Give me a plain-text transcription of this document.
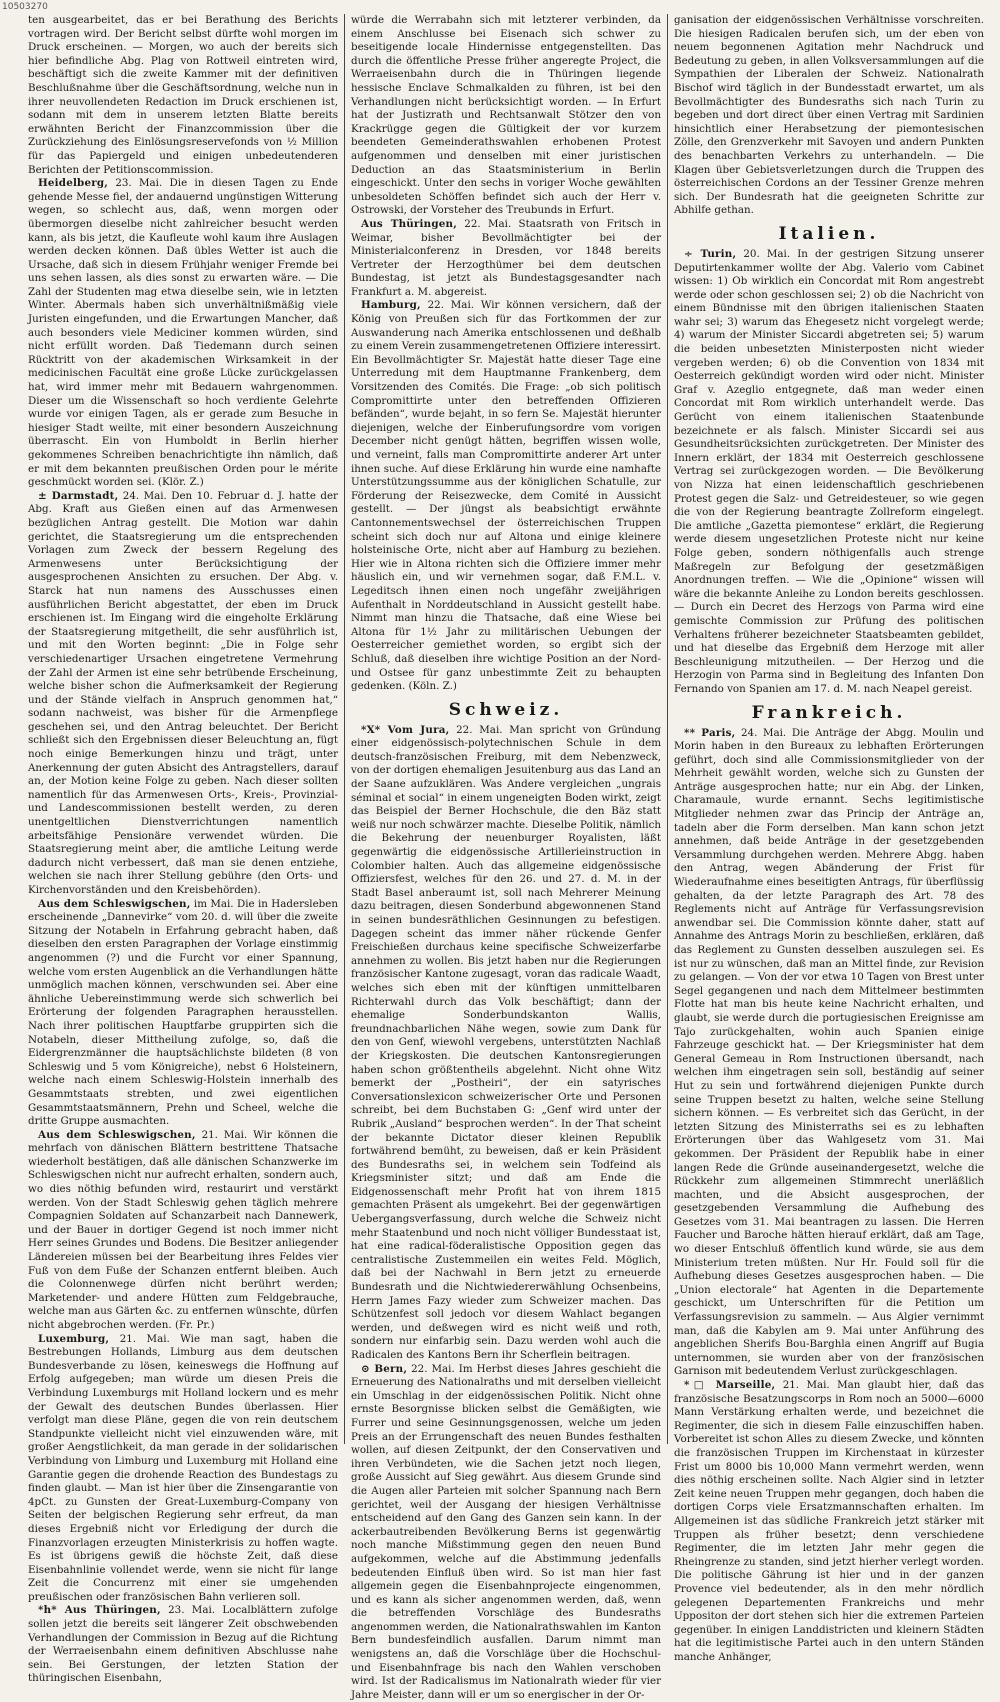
10503270

ten ausgearbeitet, das er bei Berathung des Berichts vortragen wird. Der Bericht selbst dürfte wohl morgen im Druck erscheinen. — Morgen, wo auch der bereits sich hier befindliche Abg. Plag von Rottweil eintreten wird, beschäftigt sich die zweite Kammer mit der definitiven Beschlußnahme über die Geschäftsordnung, welche nun in ihrer neuvollendeten Redaction im Druck erschienen ist, sodann mit dem in unserem letzten Blatte bereits erwähnten Bericht der Finanzcommission über die Zurückziehung des Einlösungsreservefonds von ½ Million für das Papiergeld und einigen unbedeutenderen Berichten der Petitionscommission.

Heidelberg, 23. Mai. Die in diesen Tagen zu Ende gehende Messe fiel, der andauernd ungünstigen Witterung wegen, so schlecht aus, daß, wenn morgen oder übermorgen dieselbe nicht zahlreicher besucht werden kann, als bis jetzt, die Kaufleute wohl kaum ihre Auslagen werden decken können. Daß übles Wetter ist auch die Ursache, daß sich in diesem Frühjahr weniger Fremde bei uns sehen lassen, als dies sonst zu erwarten wäre. — Die Zahl der Studenten mag etwa dieselbe sein, wie in letzten Winter. Abermals haben sich unverhältnißmäßig viele Juristen eingefunden, und die Erwartungen Mancher, daß auch besonders viele Mediciner kommen würden, sind nicht erfüllt worden. Daß Tiedemann durch seinen Rücktritt von der akademischen Wirksamkeit in der medicinischen Facultät eine große Lücke zurückgelassen hat, wird immer mehr mit Bedauern wahrgenommen. Dieser um die Wissenschaft so hoch verdiente Gelehrte wurde vor einigen Tagen, als er gerade zum Besuche in hiesiger Stadt weilte, mit einer besondern Auszeichnung überrascht. Ein von Humboldt in Berlin hierher gekommenes Schreiben benachrichtigte ihn nämlich, daß er mit dem bekannten preußischen Orden pour le mérite geschmückt worden sei. (Klör. Z.)

± Darmstadt, 24. Mai. Den 10. Februar d. J. hatte der Abg. Kraft aus Gießen einen auf das Armenwesen bezüglichen Antrag gestellt. Die Motion war dahin gerichtet, die Staatsregierung um die entsprechenden Vorlagen zum Zweck der bessern Regelung des Armenwesens unter Berücksichtigung der ausgesprochenen Ansichten zu ersuchen. Der Abg. v. Starck hat nun namens des Ausschusses einen ausführlichen Bericht abgestattet, der eben im Druck erschienen ist. Im Eingang wird die eingeholte Erklärung der Staatsregierung mitgetheilt, die sehr ausführlich ist, und mit den Worten beginnt: „Die in Folge sehr verschiedenartiger Ursachen eingetretene Vermehrung der Zahl der Armen ist eine sehr betrübende Erscheinung, welche bisher schon die Aufmerksamkeit der Regierung und der Stände vielfach in Anspruch genommen hat,“ sodann nachweist, was bisher für die Armenpflege geschehen sei, und den Antrag beleuchtet. Der Bericht schließt sich den Ergebnissen dieser Beleuchtung an, fügt noch einige Bemerkungen hinzu und trägt, unter Anerkennung der guten Absicht des Antragstellers, darauf an, der Motion keine Folge zu geben. Nach dieser sollten namentlich für das Armenwesen Orts-, Kreis-, Provinzial- und Landescommissionen bestellt werden, zu deren unentgeltlichen Dienstverrichtungen namentlich arbeitsfähige Pensionäre verwendet würden. Die Staatsregierung meint aber, die amtliche Leitung werde dadurch nicht verbessert, daß man sie denen entziehe, welchen sie nach ihrer Stellung gebühre (den Orts- und Kirchenvorständen und den Kreisbehörden).

Aus dem Schleswigschen, im Mai. Die in Hadersleben erscheinende „Dannevirke“ vom 20. d. will über die zweite Sitzung der Notabeln in Erfahrung gebracht haben, daß dieselben den ersten Paragraphen der Vorlage einstimmig angenommen (?) und die Furcht vor einer Spannung, welche vom ersten Augenblick an die Verhandlungen hätte unmöglich machen können, verschwunden sei. Aber eine ähnliche Uebereinstimmung werde sich schwerlich bei Erörterung der folgenden Paragraphen herausstellen. Nach ihrer politischen Hauptfarbe gruppirten sich die Notabeln, dieser Mittheilung zufolge, so, daß die Eidergrenzmänner die hauptsächlichste bildeten (8 von Schleswig und 5 vom Königreiche), nebst 6 Holsteinern, welche nach einem Schleswig-Holstein innerhalb des Gesammtstaats strebten, und zwei eigentlichen Gesammtstaatsmännern, Prehn und Scheel, welche die dritte Gruppe ausmachten.

Aus dem Schleswigschen, 21. Mai. Wir können die mehrfach von dänischen Blättern bestrittene Thatsache wiederholt bestätigen, daß alle dänischen Schanzwerke im Schleswigschen nicht nur aufrecht erhalten, sondern auch, wo dies nöthig befunden wird, restaurirt und verstärkt werden. Von der Stadt Schleswig gehen täglich mehrere Compagnien Soldaten auf Schanzarbeit nach Dannewerk, und der Bauer in dortiger Gegend ist noch immer nicht Herr seines Grundes und Bodens. Die Besitzer anliegender Ländereien müssen bei der Bearbeitung ihres Feldes vier Fuß von dem Fuße der Schanzen entfernt bleiben. Auch die Colonnenwege dürfen nicht berührt werden; Marketender- und andere Hütten zum Feldgebrauche, welche man aus Gärten &c. zu entfernen wünschte, dürfen nicht abgebrochen werden. (Fr. Pr.)

Luxemburg, 21. Mai. Wie man sagt, haben die Bestrebungen Hollands, Limburg aus dem deutschen Bundesverbande zu lösen, keineswegs die Hoffnung auf Erfolg aufgegeben; man würde um diesen Preis die Verbindung Luxemburgs mit Holland lockern und es mehr der Gewalt des deutschen Bundes überlassen. Hier verfolgt man diese Pläne, gegen die von rein deutschem Standpunkte vielleicht nicht viel einzuwenden wäre, mit großer Aengstlichkeit, da man gerade in der solidarischen Verbindung von Limburg und Luxemburg mit Holland eine Garantie gegen die drohende Reaction des Bundestags zu finden glaubt. — Man ist hier über die Zinsengarantie von 4pCt. zu Gunsten der Great-Luxemburg-Company von Seiten der belgischen Regierung sehr erfreut, da man dieses Ergebniß nicht vor Erledigung der durch die Finanzvorlagen erzeugten Ministerkrisis zu hoffen wagte. Es ist übrigens gewiß die höchste Zeit, daß diese Eisenbahnlinie vollendet werde, wenn sie nicht für lange Zeit die Concurrenz mit einer sie umgehenden preußischen oder französischen Bahn verlieren soll.

*h* Aus Thüringen, 23. Mai. Localblättern zufolge sollen jetzt die bereits seit längerer Zeit obschwebenden Verhandlungen der Commission in Bezug auf die Richtung der Werraeisenbahn einem definitiven Abschlusse nahe sein. Bei Gerstungen, der letzten Station der thüringischen Eisenbahn,

würde die Werrabahn sich mit letzterer verbinden, da einem Anschlusse bei Eisenach sich schwer zu beseitigende locale Hindernisse entgegenstellten. Das durch die öffentliche Presse früher angeregte Project, die Werraeisenbahn durch die in Thüringen liegende hessische Enclave Schmalkalden zu führen, ist bei den Verhandlungen nicht berücksichtigt worden. — In Erfurt hat der Justizrath und Rechtsanwalt Stötzer den von Krackrügge gegen die Gültigkeit der vor kurzem beendeten Gemeinderathswahlen erhobenen Protest aufgenommen und denselben mit einer juristischen Deduction an das Staatsministerium in Berlin eingeschickt. Unter den sechs in voriger Woche gewählten unbesoldeten Schöffen befindet sich auch der Herr v. Ostrowski, der Vorsteher des Treubunds in Erfurt.

Aus Thüringen, 22. Mai. Staatsrath von Fritsch in Weimar, bisher Bevollmächtigter bei der Ministerialconferenz in Dresden, vor 1848 bereits Vertreter der Herzogthümer bei dem deutschen Bundestag, ist jetzt als Bundestagsgesandter nach Frankfurt a. M. abgereist.

Hamburg, 22. Mai. Wir können versichern, daß der König von Preußen sich für das Fortkommen der zur Auswanderung nach Amerika entschlossenen und deßhalb zu einem Verein zusammengetretenen Offiziere interessirt. Ein Bevollmächtigter Sr. Majestät hatte dieser Tage eine Unterredung mit dem Hauptmanne Frankenberg, dem Vorsitzenden des Comités. Die Frage: „ob sich politisch Compromittirte unter den betreffenden Offizieren befänden“, wurde bejaht, in so fern Se. Majestät hierunter diejenigen, welche der Einberufungsordre vom vorigen December nicht genügt hätten, begriffen wissen wolle, und verneint, falls man Compromittirte anderer Art unter ihnen suche. Auf diese Erklärung hin wurde eine namhafte Unterstützungssumme aus der königlichen Schatulle, zur Förderung der Reisezwecke, dem Comité in Aussicht gestellt. — Der jüngst als beabsichtigt erwähnte Cantonnementswechsel der österreichischen Truppen scheint sich doch nur auf Altona und einige kleinere holsteinische Orte, nicht aber auf Hamburg zu beziehen. Hier wie in Altona richten sich die Offiziere immer mehr häuslich ein, und wir vernehmen sogar, daß F.M.L. v. Legeditsch ihnen einen noch ungefähr zweijährigen Aufenthalt in Norddeutschland in Aussicht gestellt habe. Nimmt man hinzu die Thatsache, daß eine Wiese bei Altona für 1½ Jahr zu militärischen Uebungen der Oesterreicher gemiethet worden, so ergibt sich der Schluß, daß dieselben ihre wichtige Position an der Nord- und Ostsee für ganz unbestimmte Zeit zu behaupten gedenken. (Köln. Z.)

Schweiz.

*X* Vom Jura, 22. Mai. Man spricht von Gründung einer eidgenössisch-polytechnischen Schule in dem deutsch-französischen Freiburg, mit dem Nebenzweck, von der dortigen ehemaligen Jesuitenburg aus das Land an der Saane aufzuklären. Was Andere vergleichen „ungrais séminal et social“ in einem ungeneigten Boden wirkt, zeigt das Beispiel der Berner Hochschule, die den Bäz statt weiß nur noch schwärzer machte. Dieselbe Politik, nämlich die Bekehrung der neuenburger Royalisten, läßt gegenwärtig die eidgenössische Artillerieinstruction in Colombier halten. Auch das allgemeine eidgenössische Offiziersfest, welches für den 26. und 27. d. M. in der Stadt Basel anberaumt ist, soll nach Mehrerer Meinung dazu beitragen, diesen Sonderbund abgewonnenen Stand in seinen bundesräthlichen Gesinnungen zu befestigen. Dagegen scheint das immer näher rückende Genfer Freischießen durchaus keine specifische Schweizerfarbe annehmen zu wollen. Bis jetzt haben nur die Regierungen französischer Kantone zugesagt, voran das radicale Waadt, welches sich eben mit der künftigen unmittelbaren Richterwahl durch das Volk beschäftigt; dann der ehemalige Sonderbundskanton Wallis, freundnachbarlichen Nähe wegen, sowie zum Dank für den von Genf, wiewohl vergebens, unterstützten Nachlaß der Kriegskosten. Die deutschen Kantonsregierungen haben schon größtentheils abgelehnt. Nicht ohne Witz bemerkt der „Postheiri“, der ein satyrisches Conversationslexicon schweizerischer Orte und Personen schreibt, bei dem Buchstaben G: „Genf wird unter der Rubrik „Ausland“ besprochen werden“. In der That scheint der bekannte Dictator dieser kleinen Republik fortwährend bemüht, zu beweisen, daß er kein Präsident des Bundesraths sei, in welchem sein Todfeind als Kriegsminister sitzt; und daß am Ende die Eidgenossenschaft mehr Profit hat von ihrem 1815 gemachten Präsent als umgekehrt. Bei der gegenwärtigen Uebergangsverfassung, durch welche die Schweiz nicht mehr Staatenbund und noch nicht völliger Bundesstaat ist, hat eine radical-föderalistische Opposition gegen das centralistische Zustemmeilen ein weites Feld. Möglich, daß bei der Nachwahl in Bern jetzt zu erneuerde Bundesrath und die Nichtwiedererwählung Ochsenbeins, Herrn James Fazy wieder zum Schweizer machen. Das Schützenfest soll jedoch vor diesem Wahlact begangen werden, und deßwegen wird es nicht weiß und roth, sondern nur einfarbig sein. Dazu werden wohl auch die Radicalen des Kantons Bern ihr Scherflein beitragen.

⊙ Bern, 22. Mai. Im Herbst dieses Jahres geschieht die Erneuerung des Nationalraths und mit derselben vielleicht ein Umschlag in der eidgenössischen Politik. Nicht ohne ernste Besorgnisse blicken selbst die Gemäßigten, wie Furrer und seine Gesinnungsgenossen, welche um jeden Preis an der Errungenschaft des neuen Bundes festhalten wollen, auf diesen Zeitpunkt, der den Conservativen und ihren Verbündeten, wie die Sachen jetzt noch liegen, große Aussicht auf Sieg gewährt. Aus diesem Grunde sind die Augen aller Parteien mit solcher Spannung nach Bern gerichtet, weil der Ausgang der hiesigen Verhältnisse entscheidend auf den Gang des Ganzen sein kann. In der ackerbautreibenden Bevölkerung Berns ist gegenwärtig noch manche Mißstimmung gegen den neuen Bund aufgekommen, welche auf die Abstimmung jedenfalls bedeutenden Einfluß üben wird. So ist man hier fast allgemein gegen die Eisenbahnprojecte eingenommen, und es kann als sicher angenommen werden, daß, wenn die betreffenden Vorschläge des Bundesraths angenommen werden, die Nationalrathswahlen im Kanton Bern bundesfeindlich ausfallen. Darum nimmt man wenigstens an, daß die Vorschläge über die Hochschul- und Eisenbahnfrage bis nach den Wahlen verschoben wird. Ist der Radicalismus im Nationalrath wieder für vier Jahre Meister, dann will er um so energischer in der Or-

ganisation der eidgenössischen Verhältnisse vorschreiten. Die hiesigen Radicalen berufen sich, um der eben von neuem begonnenen Agitation mehr Nachdruck und Bedeutung zu geben, in allen Volksversammlungen auf die Sympathien der Liberalen der Schweiz. Nationalrath Bischof wird täglich in der Bundesstadt erwartet, um als Bevollmächtigter des Bundesraths sich nach Turin zu begeben und dort direct über einen Vertrag mit Sardinien hinsichtlich einer Herabsetzung der piemontesischen Zölle, den Grenzverkehr mit Savoyen und andern Punkten des benachbarten Verkehrs zu unterhandeln. — Die Klagen über Gebietsverletzungen durch die Truppen des österreichischen Cordons an der Tessiner Grenze mehren sich. Der Bundesrath hat die geeigneten Schritte zur Abhilfe gethan.

Italien.

÷ Turin, 20. Mai. In der gestrigen Sitzung unserer Deputirtenkammer wollte der Abg. Valerio vom Cabinet wissen: 1) Ob wirklich ein Concordat mit Rom angestrebt werde oder schon geschlossen sei; 2) ob die Nachricht von einem Bündnisse mit den übrigen italienischen Staaten wahr sei; 3) warum das Ehegesetz nicht vorgelegt werde; 4) warum der Minister Siccardi abgetreten sei; 5) warum die beiden unbesetzten Ministerposten nicht wieder vergeben werden; 6) ob die Convention von 1834 mit Oesterreich gekündigt worden wird oder nicht. Minister Graf v. Azeglio entgegnete, daß man weder einen Concordat mit Rom wirklich unterhandelt werde. Das Gerücht von einem italienischen Staatenbunde bezeichnete er als falsch. Minister Siccardi sei aus Gesundheitsrücksichten zurückgetreten. Der Minister des Innern erklärt, der 1834 mit Oesterreich geschlossene Vertrag sei zurückgezogen worden. — Die Bevölkerung von Nizza hat einen leidenschaftlich geschriebenen Protest gegen die Salz- und Getreidesteuer, so wie gegen die von der Regierung beantragte Zollreform eingelegt. Die amtliche „Gazetta piemontese“ erklärt, die Regierung werde diesem ungesetzlichen Proteste nicht nur keine Folge geben, sondern nöthigenfalls auch strenge Maßregeln zur Befolgung der gesetzmäßigen Anordnungen treffen. — Wie die „Opinione“ wissen will wäre die bekannte Anleihe zu London bereits geschlossen. — Durch ein Decret des Herzogs von Parma wird eine gemischte Commission zur Prüfung des politischen Verhaltens früherer bezeichneter Staatsbeamten gebildet, und hat dieselbe das Ergebniß dem Herzoge mit aller Beschleunigung mitzutheilen. — Der Herzog und die Herzogin von Parma sind in Begleitung des Infanten Don Fernando von Spanien am 17. d. M. nach Neapel gereist.

Frankreich.

** Paris, 24. Mai. Die Anträge der Abgg. Moulin und Morin haben in den Bureaux zu lebhaften Erörterungen geführt, doch sind alle Commissionsmitglieder von der Mehrheit gewählt worden, welche sich zu Gunsten der Anträge ausgesprochen hatte; nur ein Abg. der Linken, Charamaule, wurde ernannt. Sechs legitimistische Mitglieder nehmen zwar das Princip der Anträge an, tadeln aber die Form derselben. Man kann schon jetzt annehmen, daß beide Anträge in der gesetzgebenden Versammlung durchgehen werden. Mehrere Abgg. haben den Antrag, wegen Abänderung der Frist für Wiederaufnahme eines beseitigten Antrags, für überflüssig gehalten, da der letzte Paragraph des Art. 78 des Reglements nicht auf Anträge für Verfassungsrevision anwendbar sei. Die Commission könnte daher, statt auf Annahme des Antrags Morin zu beschließen, erklären, daß das Reglement zu Gunsten desselben auszulegen sei. Es ist nur zu wünschen, daß man an Mittel finde, zur Revision zu gelangen. — Von der vor etwa 10 Tagen von Brest unter Segel gegangenen und nach dem Mittelmeer bestimmten Flotte hat man bis heute keine Nachricht erhalten, und glaubt, sie werde durch die portugiesischen Ereignisse am Tajo zurückgehalten, wohin auch Spanien einige Fahrzeuge geschickt hat. — Der Kriegsminister hat dem General Gemeau in Rom Instructionen übersandt, nach welchen ihm eingetragen sein soll, beständig auf seiner Hut zu sein und fortwährend diejenigen Punkte durch seine Truppen besetzt zu halten, welche seine Stellung sichern können. — Es verbreitet sich das Gerücht, in der letzten Sitzung des Ministerraths sei es zu lebhaften Erörterungen über das Wahlgesetz vom 31. Mai gekommen. Der Präsident der Republik habe in einer langen Rede die Gründe auseinandergesetzt, welche die Rückkehr zum allgemeinen Stimmrecht unerläßlich machten, und die Absicht ausgesprochen, der gesetzgebenden Versammlung die Aufhebung des Gesetzes vom 31. Mai beantragen zu lassen. Die Herren Faucher und Baroche hätten hierauf erklärt, daß am Tage, wo dieser Entschluß öffentlich kund würde, sie aus dem Ministerium treten müßten. Nur Hr. Fould soll für die Aufhebung dieses Gesetzes ausgesprochen haben. — Die „Union electorale“ hat Agenten in die Departemente geschickt, um Unterschriften für die Petition um Verfassungsrevision zu sammeln. — Aus Algier vernimmt man, daß die Kabylen am 9. Mai unter Anführung des angeblichen Sherifs Bou-Barghla einen Angriff auf Bugia unternommen, sie wurden aber von der französischen Garnison mit bedeutendem Verlust zurückgeschlagen.

*□ Marseille, 21. Mai. Man glaubt hier, daß das französische Besatzungscorps in Rom noch an 5000—6000 Mann Verstärkung erhalten werde, und bezeichnet die Regimenter, die sich in diesem Falle einzuschiffen haben. Vorbereitet ist schon Alles zu diesem Zwecke, und könnten die französischen Truppen im Kirchenstaat in kürzester Frist um 8000 bis 10,000 Mann vermehrt werden, wenn dies nöthig erscheinen sollte. Nach Algier sind in letzter Zeit keine neuen Truppen mehr gegangen, doch haben die dortigen Corps viele Ersatzmannschaften erhalten. Im Allgemeinen ist das südliche Frankreich jetzt stärker mit Truppen als früher besetzt; denn verschiedene Regimenter, die im letzten Jahr mehr gegen die Rheingrenze zu standen, sind jetzt hierher verlegt worden. Die politische Gährung ist hier und in der ganzen Provence viel bedeutender, als in den mehr nördlich gelegenen Departementen Frankreichs und mehr Uppositon der dort stehen sich hier die extremen Parteien gegenüber. In einigen Landdistricten und kleinern Städten hat die legitimistische Partei auch in den untern Ständen manche Anhänger,
